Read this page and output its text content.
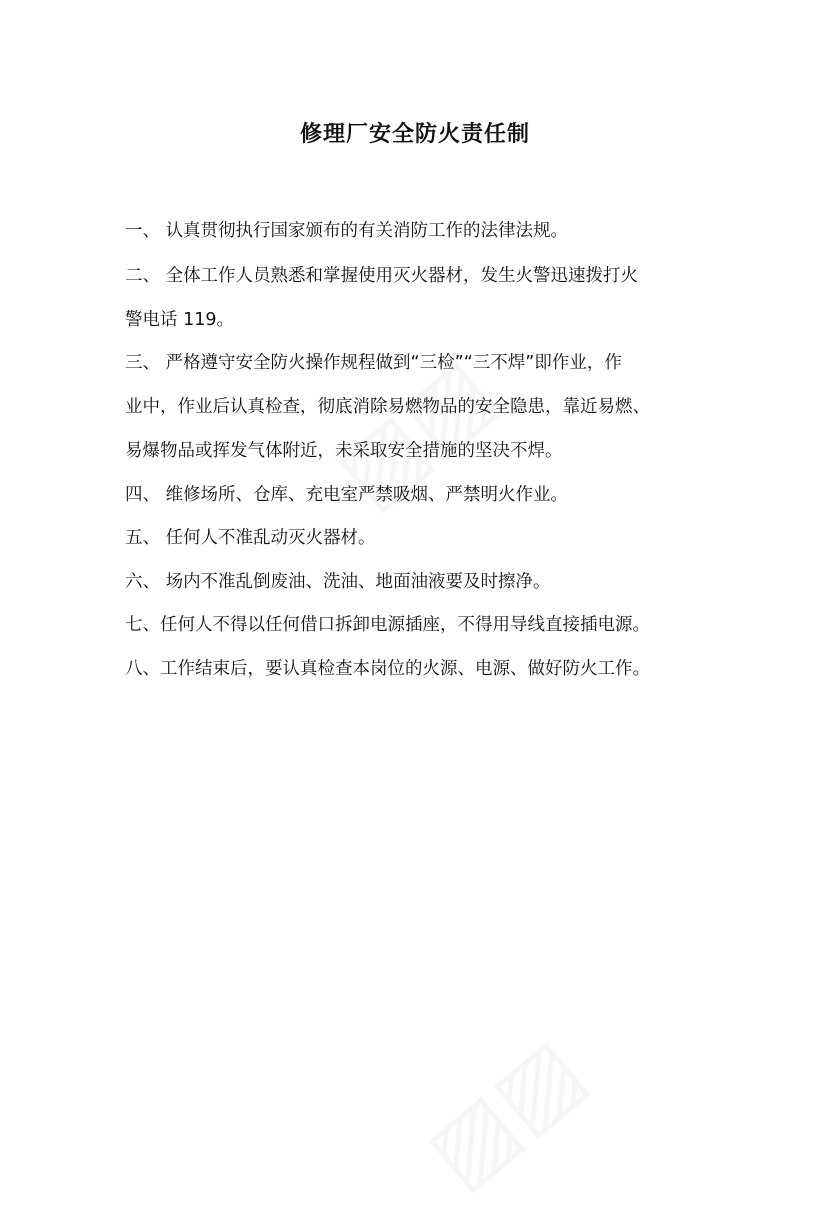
修理厂安全防火责任制

一、 认真贯彻执行国家颁布的有关消防工作的法律法规。

二、 全体工作人员熟悉和掌握使用灭火器材，发生火警迅速拨打火

警电话 119。

三、 严格遵守安全防火操作规程做到“三检”“三不焊”即作业，作

业中，作业后认真检查，彻底消除易燃物品的安全隐患，靠近易燃、

易爆物品或挥发气体附近，未采取安全措施的坚决不焊。

四、 维修场所、仓库、充电室严禁吸烟、严禁明火作业。

五、 任何人不准乱动灭火器材。

六、 场内不准乱倒废油、洗油、地面油液要及时擦净。

七、任何人不得以任何借口拆卸电源插座，不得用导线直接插电源。

八、工作结束后，要认真检查本岗位的火源、电源、做好防火工作。
